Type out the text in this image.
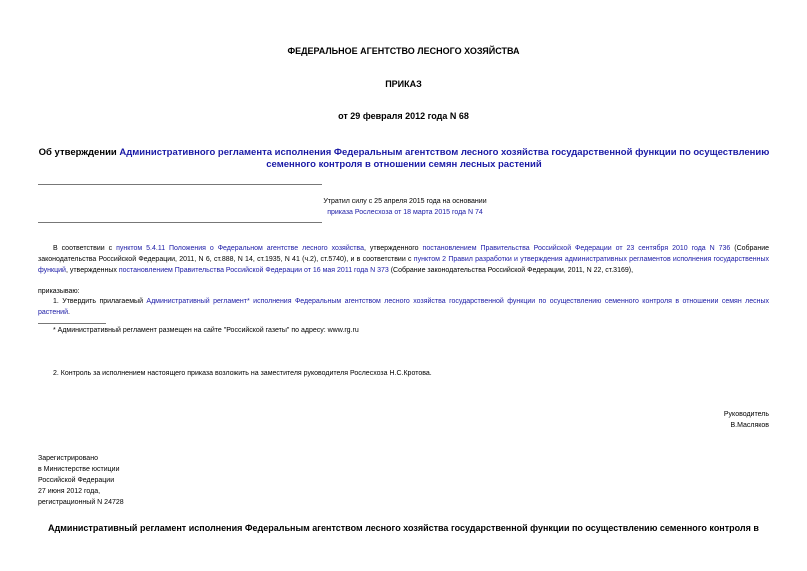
ФЕДЕРАЛЬНОЕ АГЕНТСТВО ЛЕСНОГО ХОЗЯЙСТВА
ПРИКАЗ
от 29 февраля 2012 года N 68
Об утверждении Административного регламента исполнения Федеральным агентством лесного хозяйства государственной функции по осуществлению семенного контроля в отношении семян лесных растений
Утратил силу с 25 апреля 2015 года на основании
приказа Рослесхоза от 18 марта 2015 года N 74
В соответствии с пунктом 5.4.11 Положения о Федеральном агентстве лесного хозяйства, утвержденного постановлением Правительства Российской Федерации от 23 сентября 2010 года N 736 (Собрание законодательства Российской Федерации, 2011, N 6, ст.888, N 14, ст.1935, N 41 (ч.2), ст.5740), и в соответствии с пунктом 2 Правил разработки и утверждения административных регламентов исполнения государственных функций, утвержденных постановлением Правительства Российской Федерации от 16 мая 2011 года N 373 (Собрание законодательства Российской Федерации, 2011, N 22, ст.3169),
приказываю:
1. Утвердить прилагаемый Административный регламент* исполнения Федеральным агентством лесного хозяйства государственной функции по осуществлению семенного контроля в отношении семян лесных растений.
* Административный регламент размещен на сайте "Российской газеты" по адресу: www.rg.ru
2. Контроль за исполнением настоящего приказа возложить на заместителя руководителя Рослесхоза Н.С.Кротова.
Руководитель
В.Масляков
Зарегистрировано
в Министерстве юстиции
Российской Федерации
27 июня 2012 года,
регистрационный N 24728
Административный регламент исполнения Федеральным агентством лесного хозяйства государственной функции по осуществлению семенного контроля в
